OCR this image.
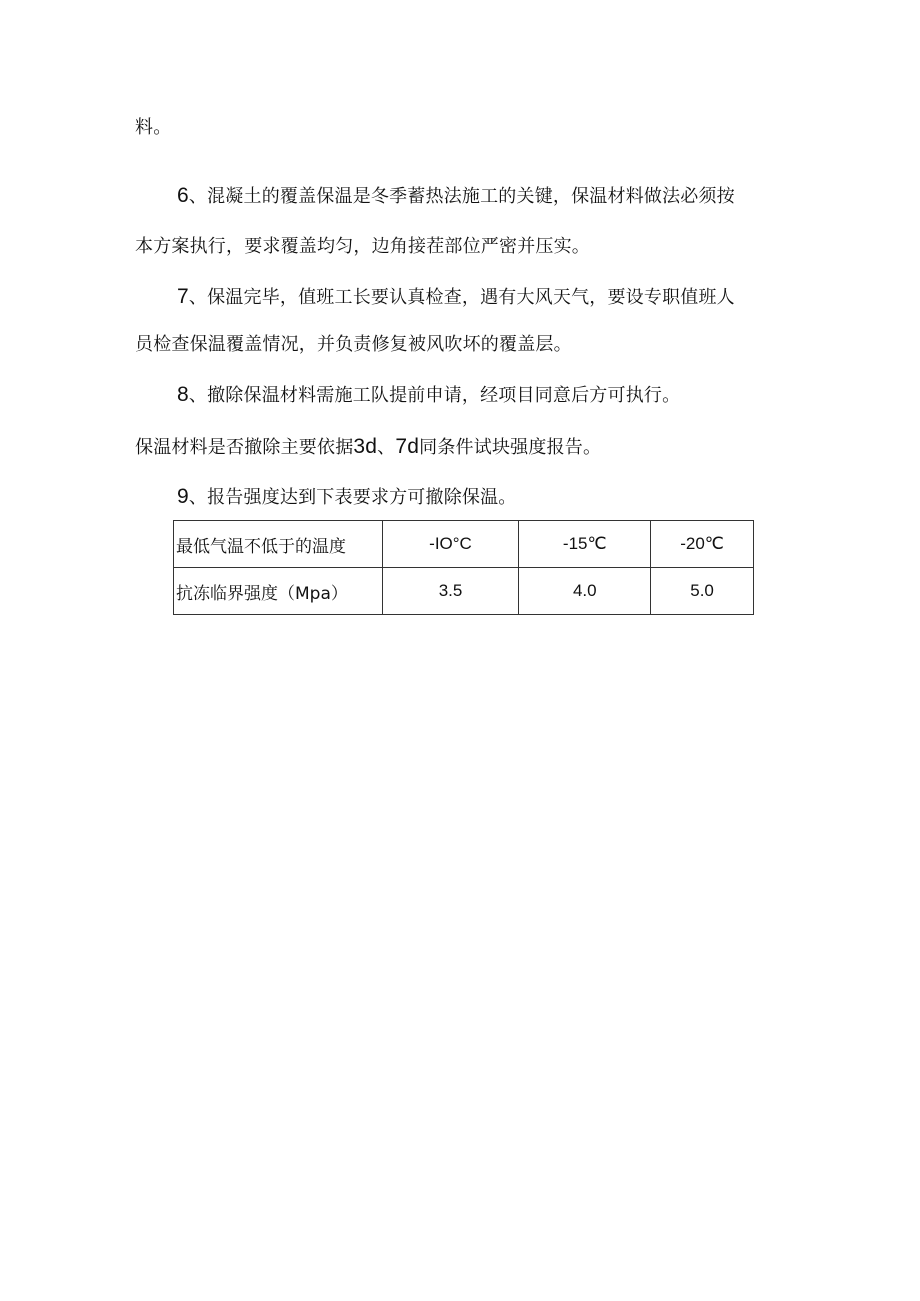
料。
6、混凝土的覆盖保温是冬季蓄热法施工的关键，保温材料做法必须按
本方案执行，要求覆盖均匀，边角接茬部位严密并压实。
7、保温完毕，值班工长要认真检查，遇有大风天气，要设专职值班人
员检查保温覆盖情况，并负责修复被风吹坏的覆盖层。
8、撤除保温材料需施工队提前申请，经项目同意后方可执行。
保温材料是否撤除主要依据3d、7d同条件试块强度报告。
9、报告强度达到下表要求方可撤除保温。
最低气温不低于的温度	-IO°C	-15℃	-20℃
抗冻临界强度（Mpa）	3.5	4.0	5.0
